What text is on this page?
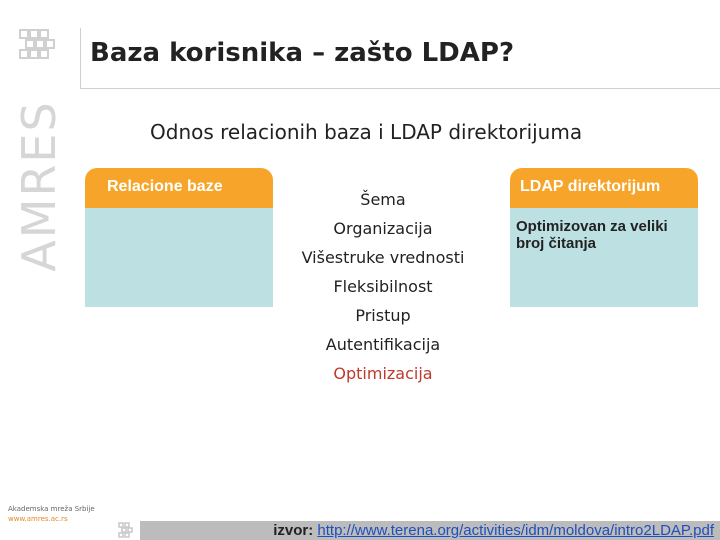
AMRES
Baza korisnika – zašto LDAP?
Odnos relacionih baza i LDAP direktorijuma
Relacione baze
Šema
Organizacija
Višestruke vrednosti
Fleksibilnost
Pristup
Autentifikacija
Optimizacija
LDAP direktorijum
Optimizovan za veliki broj čitanja
Akademska mreža Srbije
www.amres.ac.rs
izvor: http://www.terena.org/activities/idm/moldova/intro2LDAP.pdf
